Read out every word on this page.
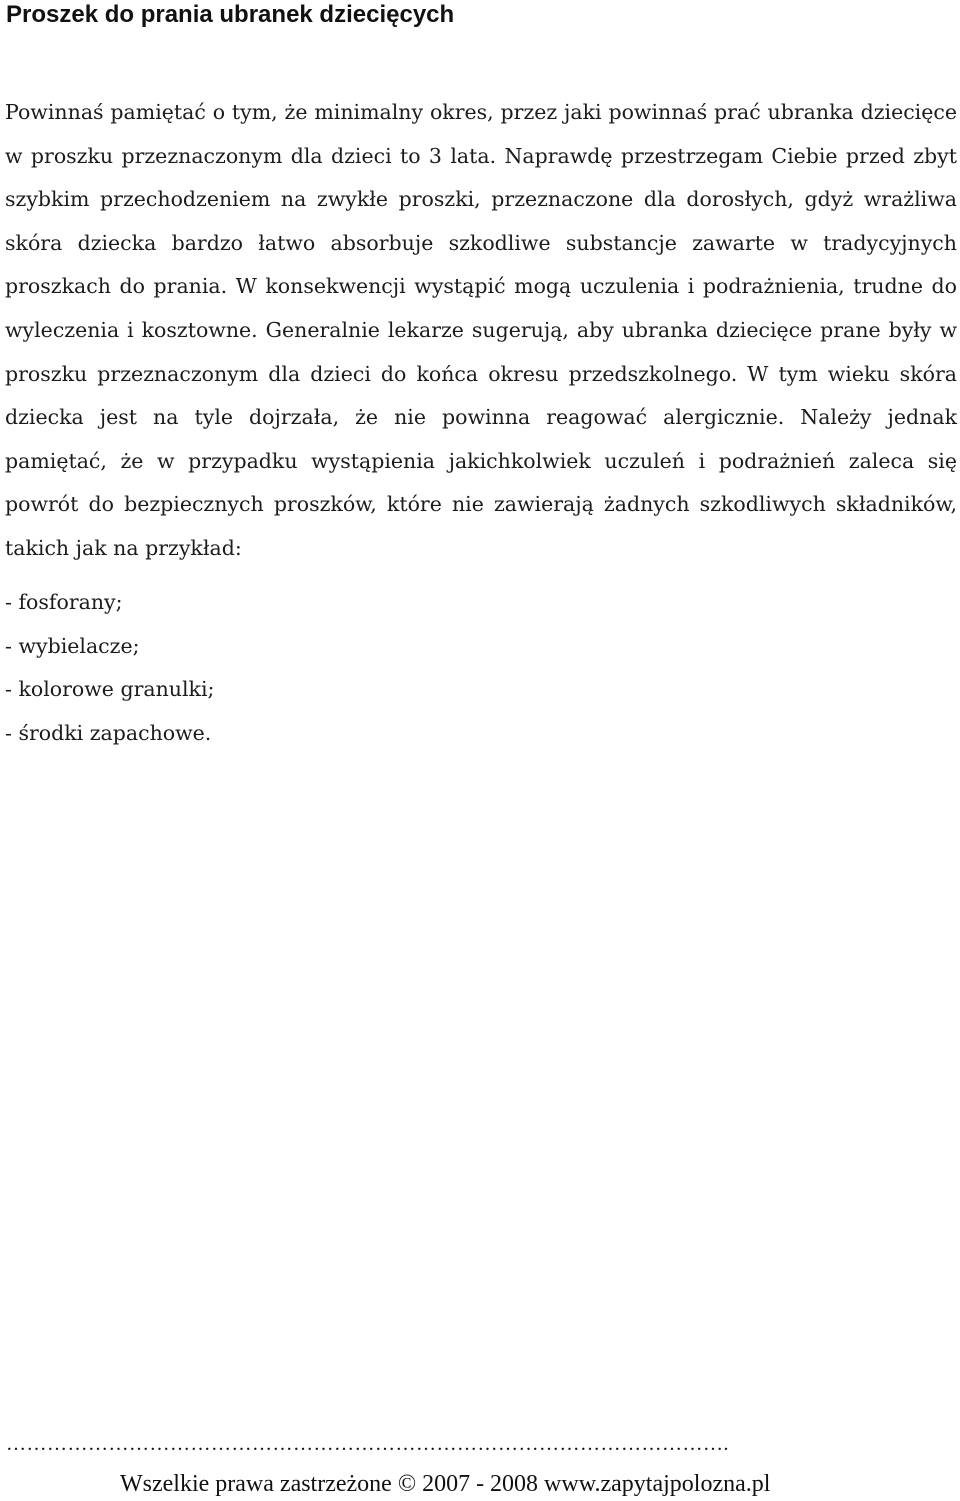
Proszek do prania ubranek dziecięcych

Powinnaś pamiętać o tym, że minimalny okres, przez jaki powinnaś prać ubranka dziecięce w proszku przeznaczonym dla dzieci to 3 lata. Naprawdę przestrzegam Ciebie przed zbyt szybkim przechodzeniem na zwykłe proszki, przeznaczone dla dorosłych, gdyż wrażliwa skóra dziecka bardzo łatwo absorbuje szkodliwe substancje zawarte w tradycyjnych proszkach do prania. W konsekwencji wystąpić mogą uczulenia i podrażnienia, trudne do wyleczenia i kosztowne. Generalnie lekarze sugerują, aby ubranka dziecięce prane były w proszku przeznaczonym dla dzieci do końca okresu przedszkolnego. W tym wieku skóra dziecka jest na tyle dojrzała, że nie powinna reagować alergicznie. Należy jednak pamiętać, że w przypadku wystąpienia jakichkolwiek uczuleń i podrażnień zaleca się powrót do bezpiecznych proszków, które nie zawierają żadnych szkodliwych składników, takich jak na przykład:

- fosforany;
- wybielacze;
- kolorowe granulki;
- środki zapachowe.
…………………………………………………………………………………………….
Wszelkie prawa zastrzeżone © 2007 - 2008 www.zapytajpolozna.pl
